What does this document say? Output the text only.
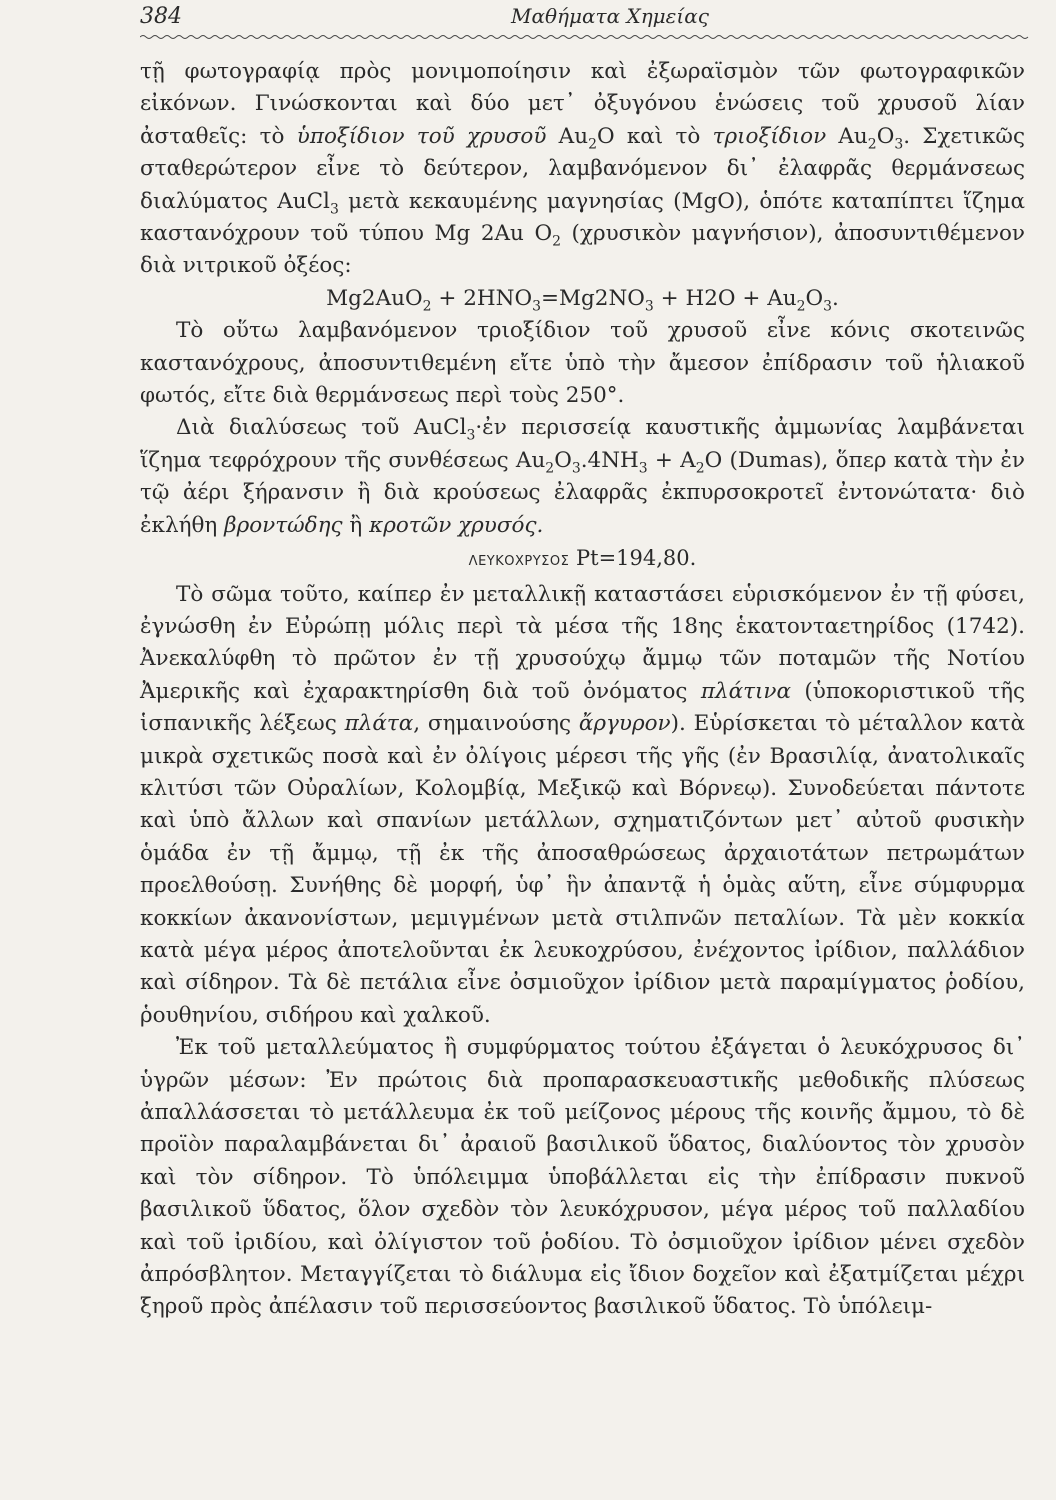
384	Μαθήματα Χημείας

τῇ φωτογραφίᾳ πρὸς μονιμοποίησιν καὶ ἐξωραϊσμὸν τῶν φωτογραφικῶν εἰκόνων. Γινώσκονται καὶ δύο μετ᾽ ὀξυγόνου ἑνώσεις τοῦ χρυσοῦ λίαν ἀσταθεῖς: τὸ ὑποξίδιον τοῦ χρυσοῦ $Au_2O$ καὶ τὸ τριοξίδιον $Au_2O_3$. Σχετικῶς σταθερώτερον εἶνε τὸ δεύτερον, λαμβανόμενον δι᾽ ἐλαφρᾶς θερμάνσεως διαλύματος AuCl$_3$ μετὰ κεκαυμένης μαγνησίας (MgO), ὁπότε καταπίπτει ἵζημα καστανόχρουν τοῦ τύπου Mg 2Au $O_2$ (χρυσικὸν μαγνήσιον), ἀποσυντιθέμενον διὰ νιτρικοῦ ὀξέος:

$Mg2AuO_2 + 2HNO_3=Mg2NO_3 + H2O + Au_2O_3$.

Τὸ οὕτω λαμβανόμενον τριοξίδιον τοῦ χρυσοῦ εἶνε κόνις σκοτεινῶς καστανόχρους, ἀποσυντιθεμένη εἴτε ὑπὸ τὴν ἄμεσον ἐπίδρασιν τοῦ ἡλιακοῦ φωτός, εἴτε διὰ θερμάνσεως περὶ τοὺς 250°.

Διὰ διαλύσεως τοῦ AuCl$_3$·ἐν περισσείᾳ καυστικῆς ἀμμωνίας λαμβάνεται ἵζημα τεφρόχρουν τῆς συνθέσεως $Au_2O_3.4NH_3 + A_2O$ (Dumas), ὅπερ κατὰ τὴν ἐν τῷ ἀέρι ξήρανσιν ἢ διὰ κρούσεως ἐλαφρᾶς ἐκπυρσοκροτεῖ ἐντονώτατα· διὸ ἐκλήθη βροντώδης ἢ κροτῶν χρυσός.

ΛΕΥΚΟΧΡΥΣΟΣ Pt=194,80.

Τὸ σῶμα τοῦτο, καίπερ ἐν μεταλλικῇ καταστάσει εὑρισκόμενον ἐν τῇ φύσει, ἐγνώσθη ἐν Εὐρώπῃ μόλις περὶ τὰ μέσα τῆς 18ης ἑκατονταετηρίδος (1742). Ἀνεκαλύφθη τὸ πρῶτον ἐν τῇ χρυσούχῳ ἄμμῳ τῶν ποταμῶν τῆς Νοτίου Ἀμερικῆς καὶ ἐχαρακτηρίσθη διὰ τοῦ ὀνόματος πλάτινα (ὑποκοριστικοῦ τῆς ἱσπανικῆς λέξεως πλάτα, σημαινούσης ἄργυρον). Εὑρίσκεται τὸ μέταλλον κατὰ μικρὰ σχετικῶς ποσὰ καὶ ἐν ὀλίγοις μέρεσι τῆς γῆς (ἐν Βρασιλίᾳ, ἀνατολικαῖς κλιτύσι τῶν Οὐραλίων, Κολομβίᾳ, Μεξικῷ καὶ Βόρνεῳ). Συνοδεύεται πάντοτε καὶ ὑπὸ ἄλλων καὶ σπανίων μετάλλων, σχηματιζόντων μετ᾽ αὐτοῦ φυσικὴν ὁμάδα ἐν τῇ ἄμμῳ, τῇ ἐκ τῆς ἀποσαθρώσεως ἀρχαιοτάτων πετρωμάτων προελθούσῃ. Συνήθης δὲ μορφή, ὑφ᾽ ἣν ἀπαντᾷ ἡ ὁμὰς αὕτη, εἶνε σύμφυρμα κοκκίων ἀκανονίστων, μεμιγμένων μετὰ στιλπνῶν πεταλίων. Τὰ μὲν κοκκία κατὰ μέγα μέρος ἀποτελοῦνται ἐκ λευκοχρύσου, ἐνέχοντος ἰρίδιον, παλλάδιον καὶ σίδηρον. Τὰ δὲ πετάλια εἶνε ὀσμιοῦχον ἰρίδιον μετὰ παραμίγματος ῥοδίου, ῥουθηνίου, σιδήρου καὶ χαλκοῦ.

Ἐκ τοῦ μεταλλεύματος ἢ συμφύρματος τούτου ἐξάγεται ὁ λευκόχρυσος δι᾽ ὑγρῶν μέσων: Ἐν πρώτοις διὰ προπαρασκευαστικῆς μεθοδικῆς πλύσεως ἀπαλλάσσεται τὸ μετάλλευμα ἐκ τοῦ μείζονος μέρους τῆς κοινῆς ἄμμου, τὸ δὲ προϊὸν παραλαμβάνεται δι᾽ ἀραιοῦ βασιλικοῦ ὕδατος, διαλύοντος τὸν χρυσὸν καὶ τὸν σίδηρον. Τὸ ὑπόλειμμα ὑποβάλλεται εἰς τὴν ἐπίδρασιν πυκνοῦ βασιλικοῦ ὕδατος, ὅλον σχεδὸν τὸν λευκόχρυσον, μέγα μέρος τοῦ παλλαδίου καὶ τοῦ ἰριδίου, καὶ ὀλίγιστον τοῦ ῥοδίου. Τὸ ὀσμιοῦχον ἰρίδιον μένει σχεδὸν ἀπρόσβλητον. Μεταγγίζεται τὸ διάλυμα εἰς ἴδιον δοχεῖον καὶ ἐξατμίζεται μέχρι ξηροῦ πρὸς ἀπέλασιν τοῦ περισσεύοντος βασιλικοῦ ὕδατος. Τὸ ὑπόλειμ-
